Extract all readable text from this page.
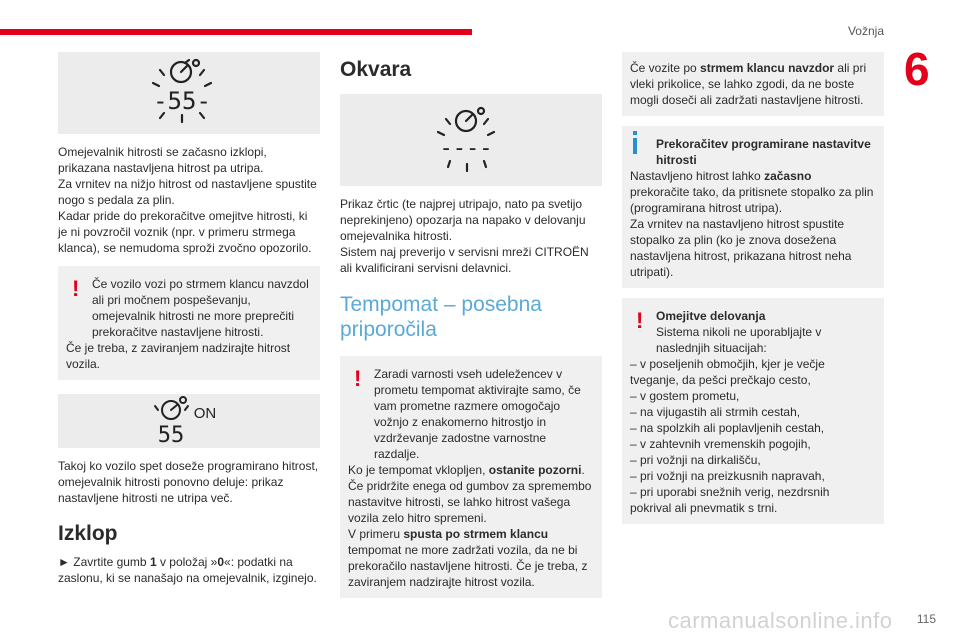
Vožnja
6
-55-

Omejevalnik hitrosti se začasno izklopi, prikazana nastavljena hitrost pa utripa.

Za vrnitev na nižjo hitrost od nastavljene spustite nogo s pedala za plin.

Kadar pride do prekoračitve omejitve hitrosti, ki je ni povzročil voznik (npr. v primeru strmega klanca), se nemudoma sproži zvočno opozorilo.

!	Če vozilo vozi po strmem klancu navzdol ali pri močnem pospeševanju, omejevalnik hitrosti ne more preprečiti prekoračitve nastavljene hitrosti.

Če je treba, z zaviranjem nadzirajte hitrost vozila.

ON
55

Takoj ko vozilo spet doseže programirano hitrost, omejevalnik hitrosti ponovno deluje: prikaz nastavljene hitrosti ne utripa več.

Izklop

► Zavrtite gumb 1 v položaj »0«: podatki na zaslonu, ki se nanašajo na omejevalnik, izginejo.

Okvara
----

Prikaz črtic (te najprej utripajo, nato pa svetijo neprekinjeno) opozarja na napako v delovanju omejevalnika hitrosti.

Sistem naj preverijo v servisni mreži CITROËN ali kvalificirani servisni delavnici.

Tempomat – posebna priporočila
!	Zaradi varnosti vseh udeležencev v prometu tempomat aktivirajte samo, če vam prometne razmere omogočajo vožnjo z enakomerno hitrostjo in vzdrževanje zadostne varnostne razdalje.

Ko je tempomat vklopljen, ostanite pozorni.

Če pridržite enega od gumbov za spremembo nastavitve hitrosti, se lahko hitrost vašega vozila zelo hitro spremeni.

V primeru spusta po strmem klancu tempomat ne more zadržati vozila, da ne bi prekoračilo nastavljene hitrosti. Če je treba, z zaviranjem nadzirajte hitrost vozila.

Če vozite po strmem klancu navzdor ali pri vleki prikolice, se lahko zgodi, da ne boste mogli doseči ali zadržati nastavljene hitrosti.

Prekoračitev programirane nastavitve hitrosti

Nastavljeno hitrost lahko začasno prekoračite tako, da pritisnete stopalko za plin (programirana hitrost utripa).

Za vrnitev na nastavljeno hitrost spustite stopalko za plin (ko je znova dosežena nastavljena hitrost, prikazana hitrost neha utripati).

!	Omejitve delovanja

Sistema nikoli ne uporabljajte v naslednjih situacijah:

– v poseljenih območjih, kjer je večje tveganje, da pešci prečkajo cesto,

– v gostem prometu,

– na vijugastih ali strmih cestah,

– na spolzkih ali poplavljenih cestah,

– v zahtevnih vremenskih pogojih,

– pri vožnji na dirkališču,

– pri vožnji na preizkusnih napravah,

– pri uporabi snežnih verig, nezdrsnih pokrival ali pnevmatik s trni.

carmanualsonline.info 115
